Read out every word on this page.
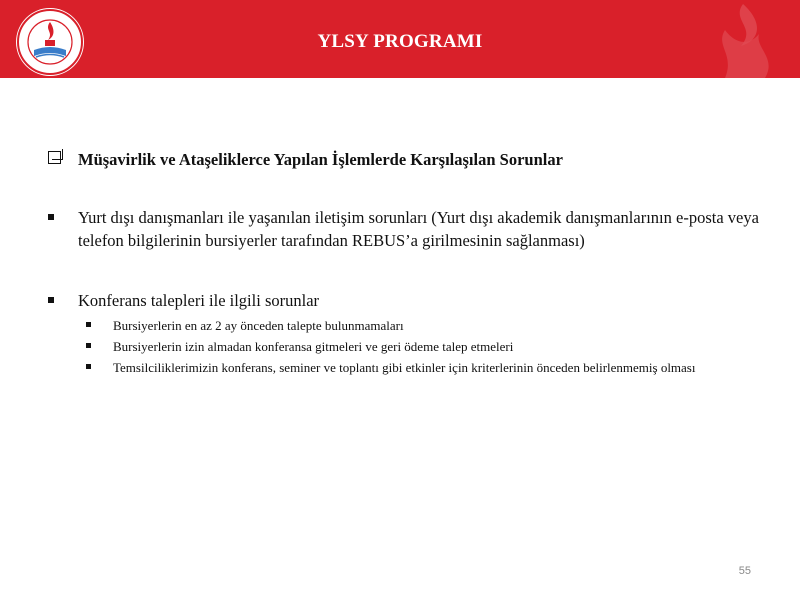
YLSY PROGRAMI
Müşavirlik ve Ataşeliklerce Yapılan İşlemlerde Karşılaşılan Sorunlar
Yurt dışı danışmanları ile yaşanılan iletişim sorunları (Yurt dışı akademik danışmanlarının e-posta veya telefon bilgilerinin bursiyerler tarafından REBUS’a girilmesinin sağlanması)
Konferans talepleri ile ilgili sorunlar
Bursiyerlerin en az 2 ay önceden talepte bulunmamaları
Bursiyerlerin izin almadan konferansa gitmeleri ve geri ödeme talep etmeleri
Temsilciliklerimizin konferans, seminer ve toplantı gibi etkinler için kriterlerinin önceden belirlenmemiş olması
55
